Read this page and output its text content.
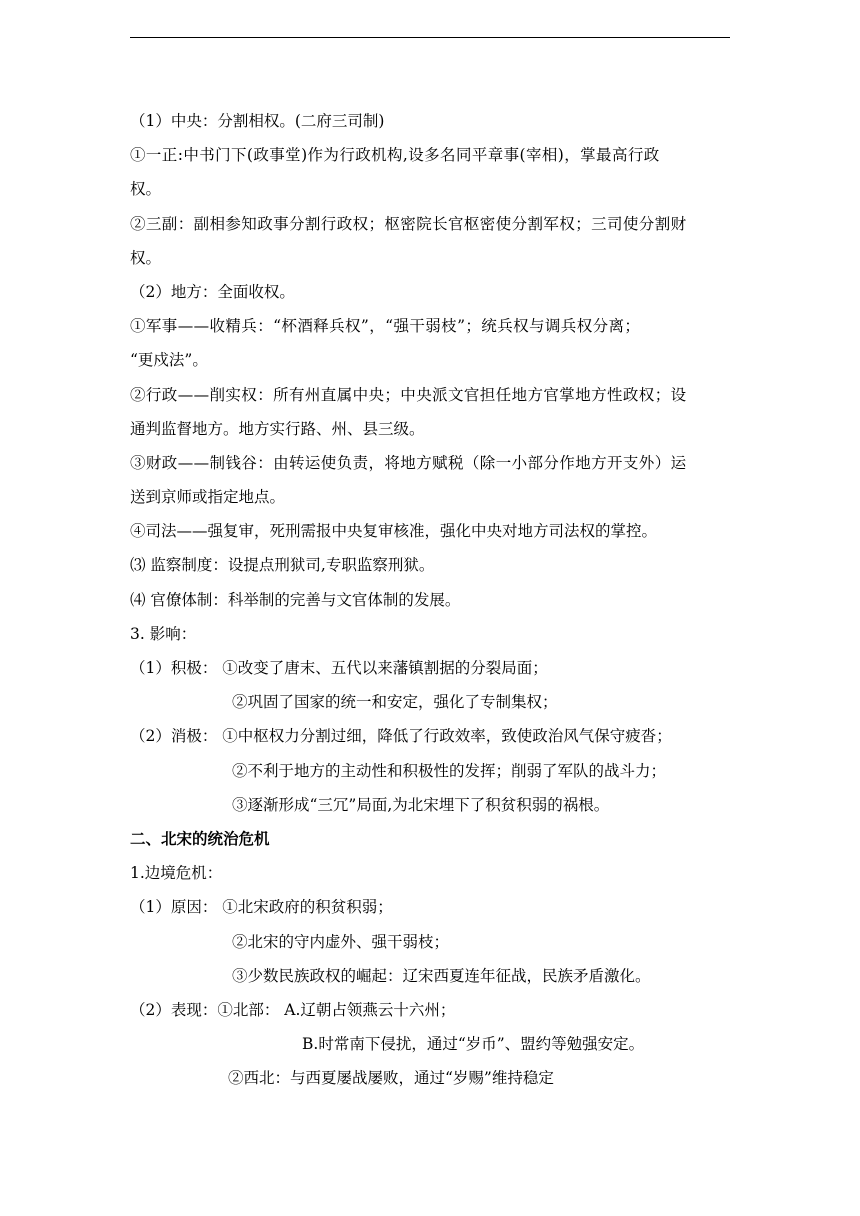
（1）中央：分割相权。(二府三司制)
①一正:中书门下(政事堂)作为行政机构,设多名同平章事(宰相)，掌最高行政
权。
②三副：副相参知政事分割行政权；枢密院长官枢密使分割军权；三司使分割财
权。
（2）地方：全面收权。
①军事——收精兵：“杯酒释兵权”，“强干弱枝”；统兵权与调兵权分离；
“更戍法”。
②行政——削实权：所有州直属中央；中央派文官担任地方官掌地方性政权；设
通判监督地方。地方实行路、州、县三级。
③财政——制钱谷：由转运使负责，将地方赋税（除一小部分作地方开支外）运
送到京师或指定地点。
④司法——强复审，死刑需报中央复审核准，强化中央对地方司法权的掌控。
⑶ 监察制度：设提点刑狱司,专职监察刑狱。
⑷ 官僚体制：科举制的完善与文官体制的发展。
3. 影响：
（1）积极： ①改变了唐末、五代以来藩镇割据的分裂局面；
②巩固了国家的统一和安定，强化了专制集权；
（2）消极： ①中枢权力分割过细，降低了行政效率，致使政治风气保守疲沓；
②不利于地方的主动性和积极性的发挥；削弱了军队的战斗力；
③逐渐形成“三冗”局面,为北宋埋下了积贫积弱的祸根。
二、北宋的统治危机
1.边境危机：
（1）原因： ①北宋政府的积贫积弱；
②北宋的守内虚外、强干弱枝；
③少数民族政权的崛起：辽宋西夏连年征战，民族矛盾激化。
（2）表现：①北部： A.辽朝占领燕云十六州；
B.时常南下侵扰，通过“岁币”、盟约等勉强安定。
②西北：与西夏屡战屡败，通过“岁赐”维持稳定
